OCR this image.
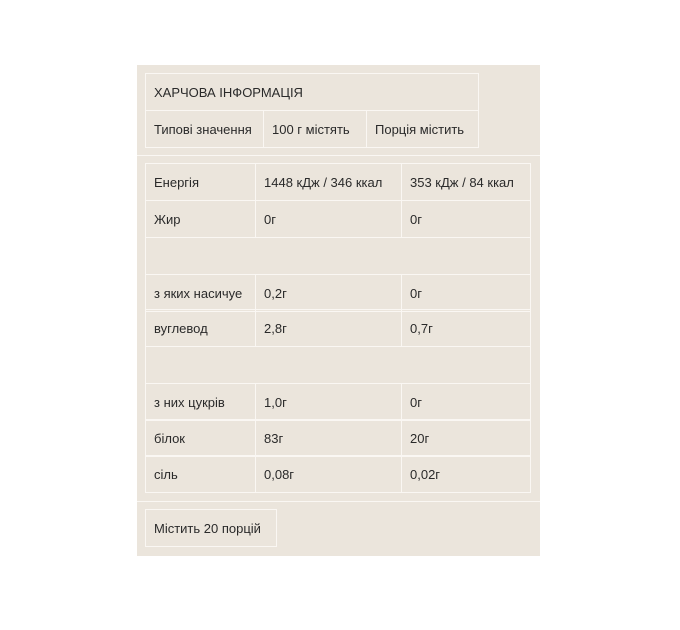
ХАРЧОВА ІНФОРМАЦІЯ
Типові значення	100 г містять	Порція містить
Енергія	1448 кДж / 346 ккал	353 кДж / 84 ккал
Жир	0г	0г
з яких насичуе	0,2г	0г
вуглевод	2,8г	0,7г
з них цукрів	1,0г	0г
білок	83г	20г
сіль	0,08г	0,02г
Містить 20 порцій
